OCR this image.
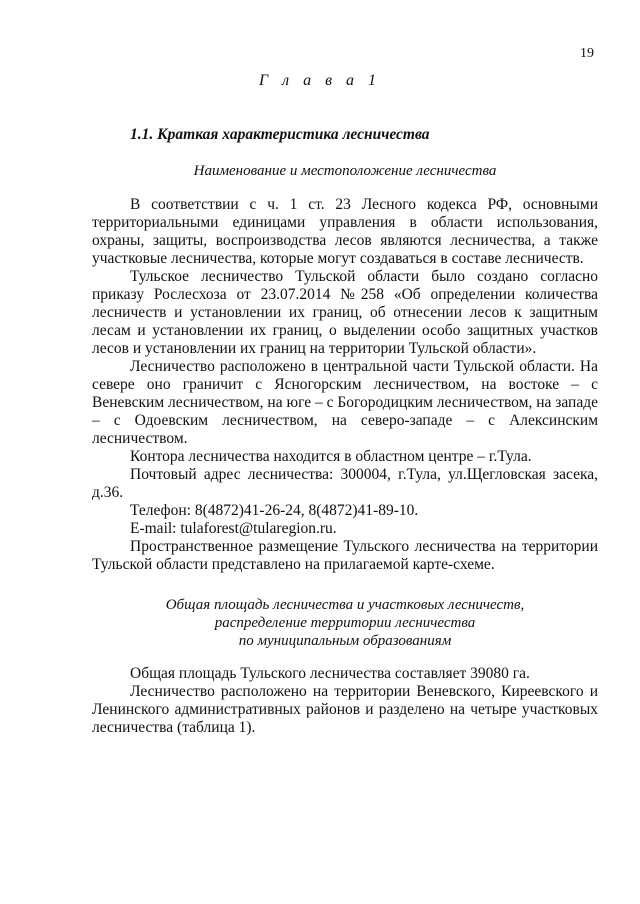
19
Г л а в а 1
1.1. Краткая характеристика лесничества
Наименование и местоположение лесничества

В соответствии с ч. 1 ст. 23 Лесного кодекса РФ, основными территориальными единицами управления в области использования, охраны, защиты, воспроизводства лесов являются лесничества, а также участковые лесничества, которые могут создаваться в составе лесничеств.

Тульское лесничество Тульской области было создано согласно приказу Рослесхоза от 23.07.2014 №258 «Об определении количества лесничеств и установлении их границ, об отнесении лесов к защитным лесам и установлении их границ, о выделении особо защитных участков лесов и установлении их границ на территории Тульской области».

Лесничество расположено в центральной части Тульской области. На севере оно граничит с Ясногорским лесничеством, на востоке – с Веневским лесничеством, на юге – с Богородицким лесничеством, на западе – с Одоевским лесничеством, на северо-западе – с Алексинским лесничеством.

Контора лесничества находится в областном центре – г.Тула.

Почтовый адрес лесничества: 300004, г.Тула, ул.Щегловская засека, д.36.

Телефон: 8(4872)41-26-24, 8(4872)41-89-10.

E-mail: tulaforest@tularegion.ru.

Пространственное размещение Тульского лесничества на территории Тульской области представлено на прилагаемой карте-схеме.

Общая площадь лесничества и участковых лесничеств,
распределение территории лесничества
по муниципальным образованиям

Общая площадь Тульского лесничества составляет 39080 га.

Лесничество расположено на территории Веневского, Киреевского и Ленинского административных районов и разделено на четыре участковых лесничества (таблица 1).
